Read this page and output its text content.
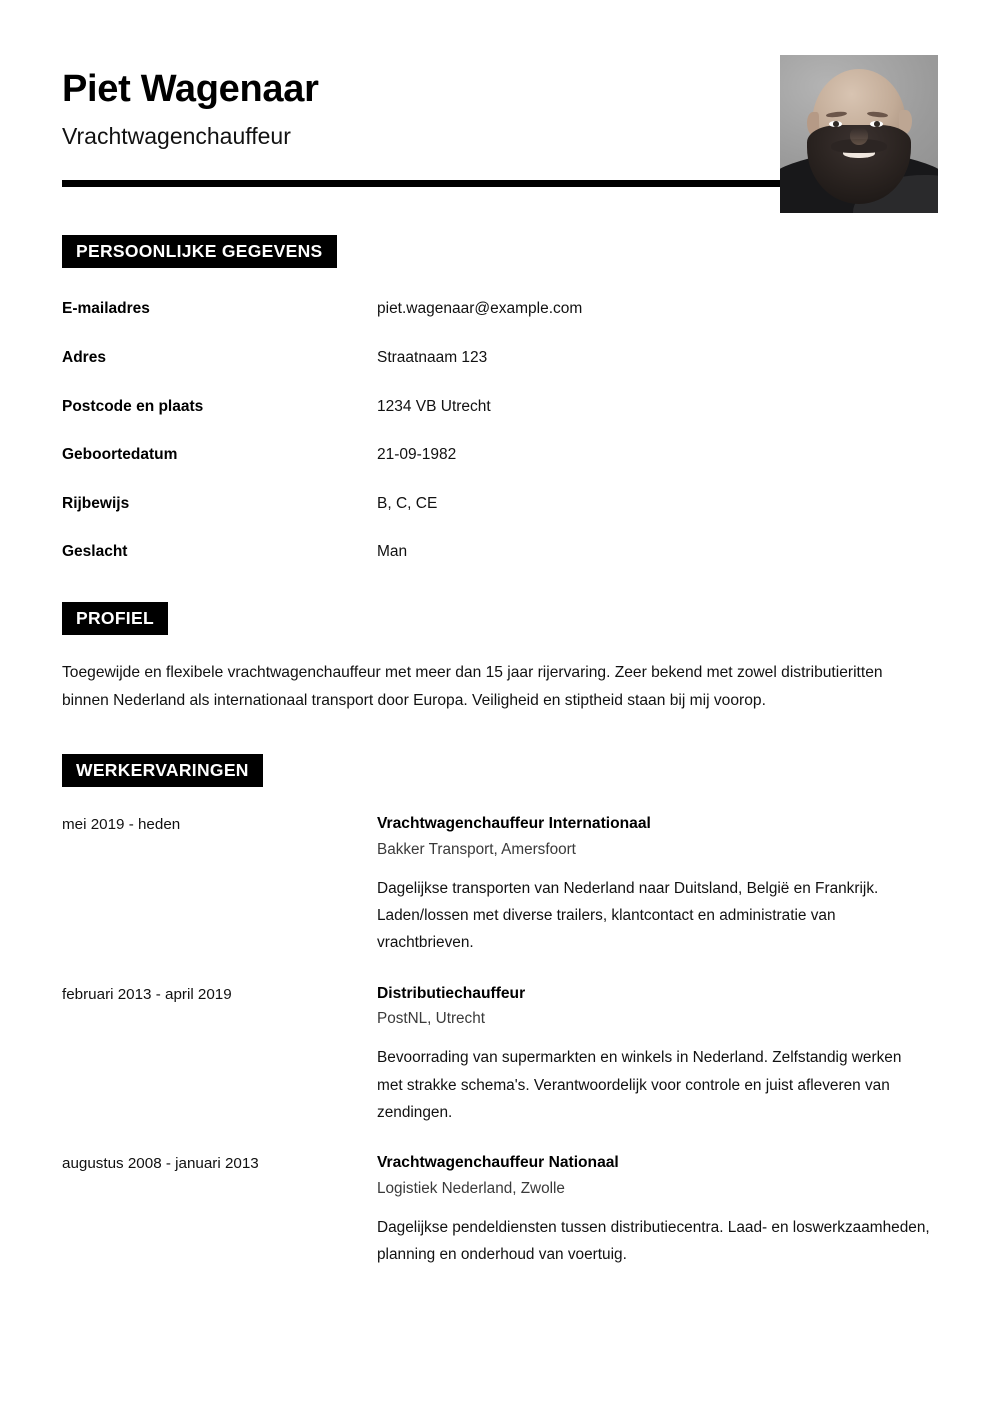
Piet Wagenaar
Vrachtwagenchauffeur
PERSOONLIJKE GEGEVENS
E-mailadres	piet.wagenaar@example.com
Adres	Straatnaam 123
Postcode en plaats	1234 VB Utrecht
Geboortedatum	21-09-1982
Rijbewijs	B, C, CE
Geslacht	Man
PROFIEL

Toegewijde en flexibele vrachtwagenchauffeur met meer dan 15 jaar rijervaring. Zeer bekend met zowel distributieritten binnen Nederland als internationaal transport door Europa. Veiligheid en stiptheid staan bij mij voorop.

WERKERVARINGEN
mei 2019 - heden	Vrachtwagenchauffeur Internationaal
Bakker Transport, Amersfoort

Dagelijkse transporten van Nederland naar Duitsland, België en Frankrijk. Laden/lossen met diverse trailers, klantcontact en administratie van vrachtbrieven.

februari 2013 - april 2019	Distributiechauffeur
PostNL, Utrecht

Bevoorrading van supermarkten en winkels in Nederland. Zelfstandig werken met strakke schema's. Verantwoordelijk voor controle en juist afleveren van zendingen.

augustus 2008 - januari 2013	Vrachtwagenchauffeur Nationaal
Logistiek Nederland, Zwolle

Dagelijkse pendeldiensten tussen distributiecentra. Laad- en loswerkzaamheden, planning en onderhoud van voertuig.
